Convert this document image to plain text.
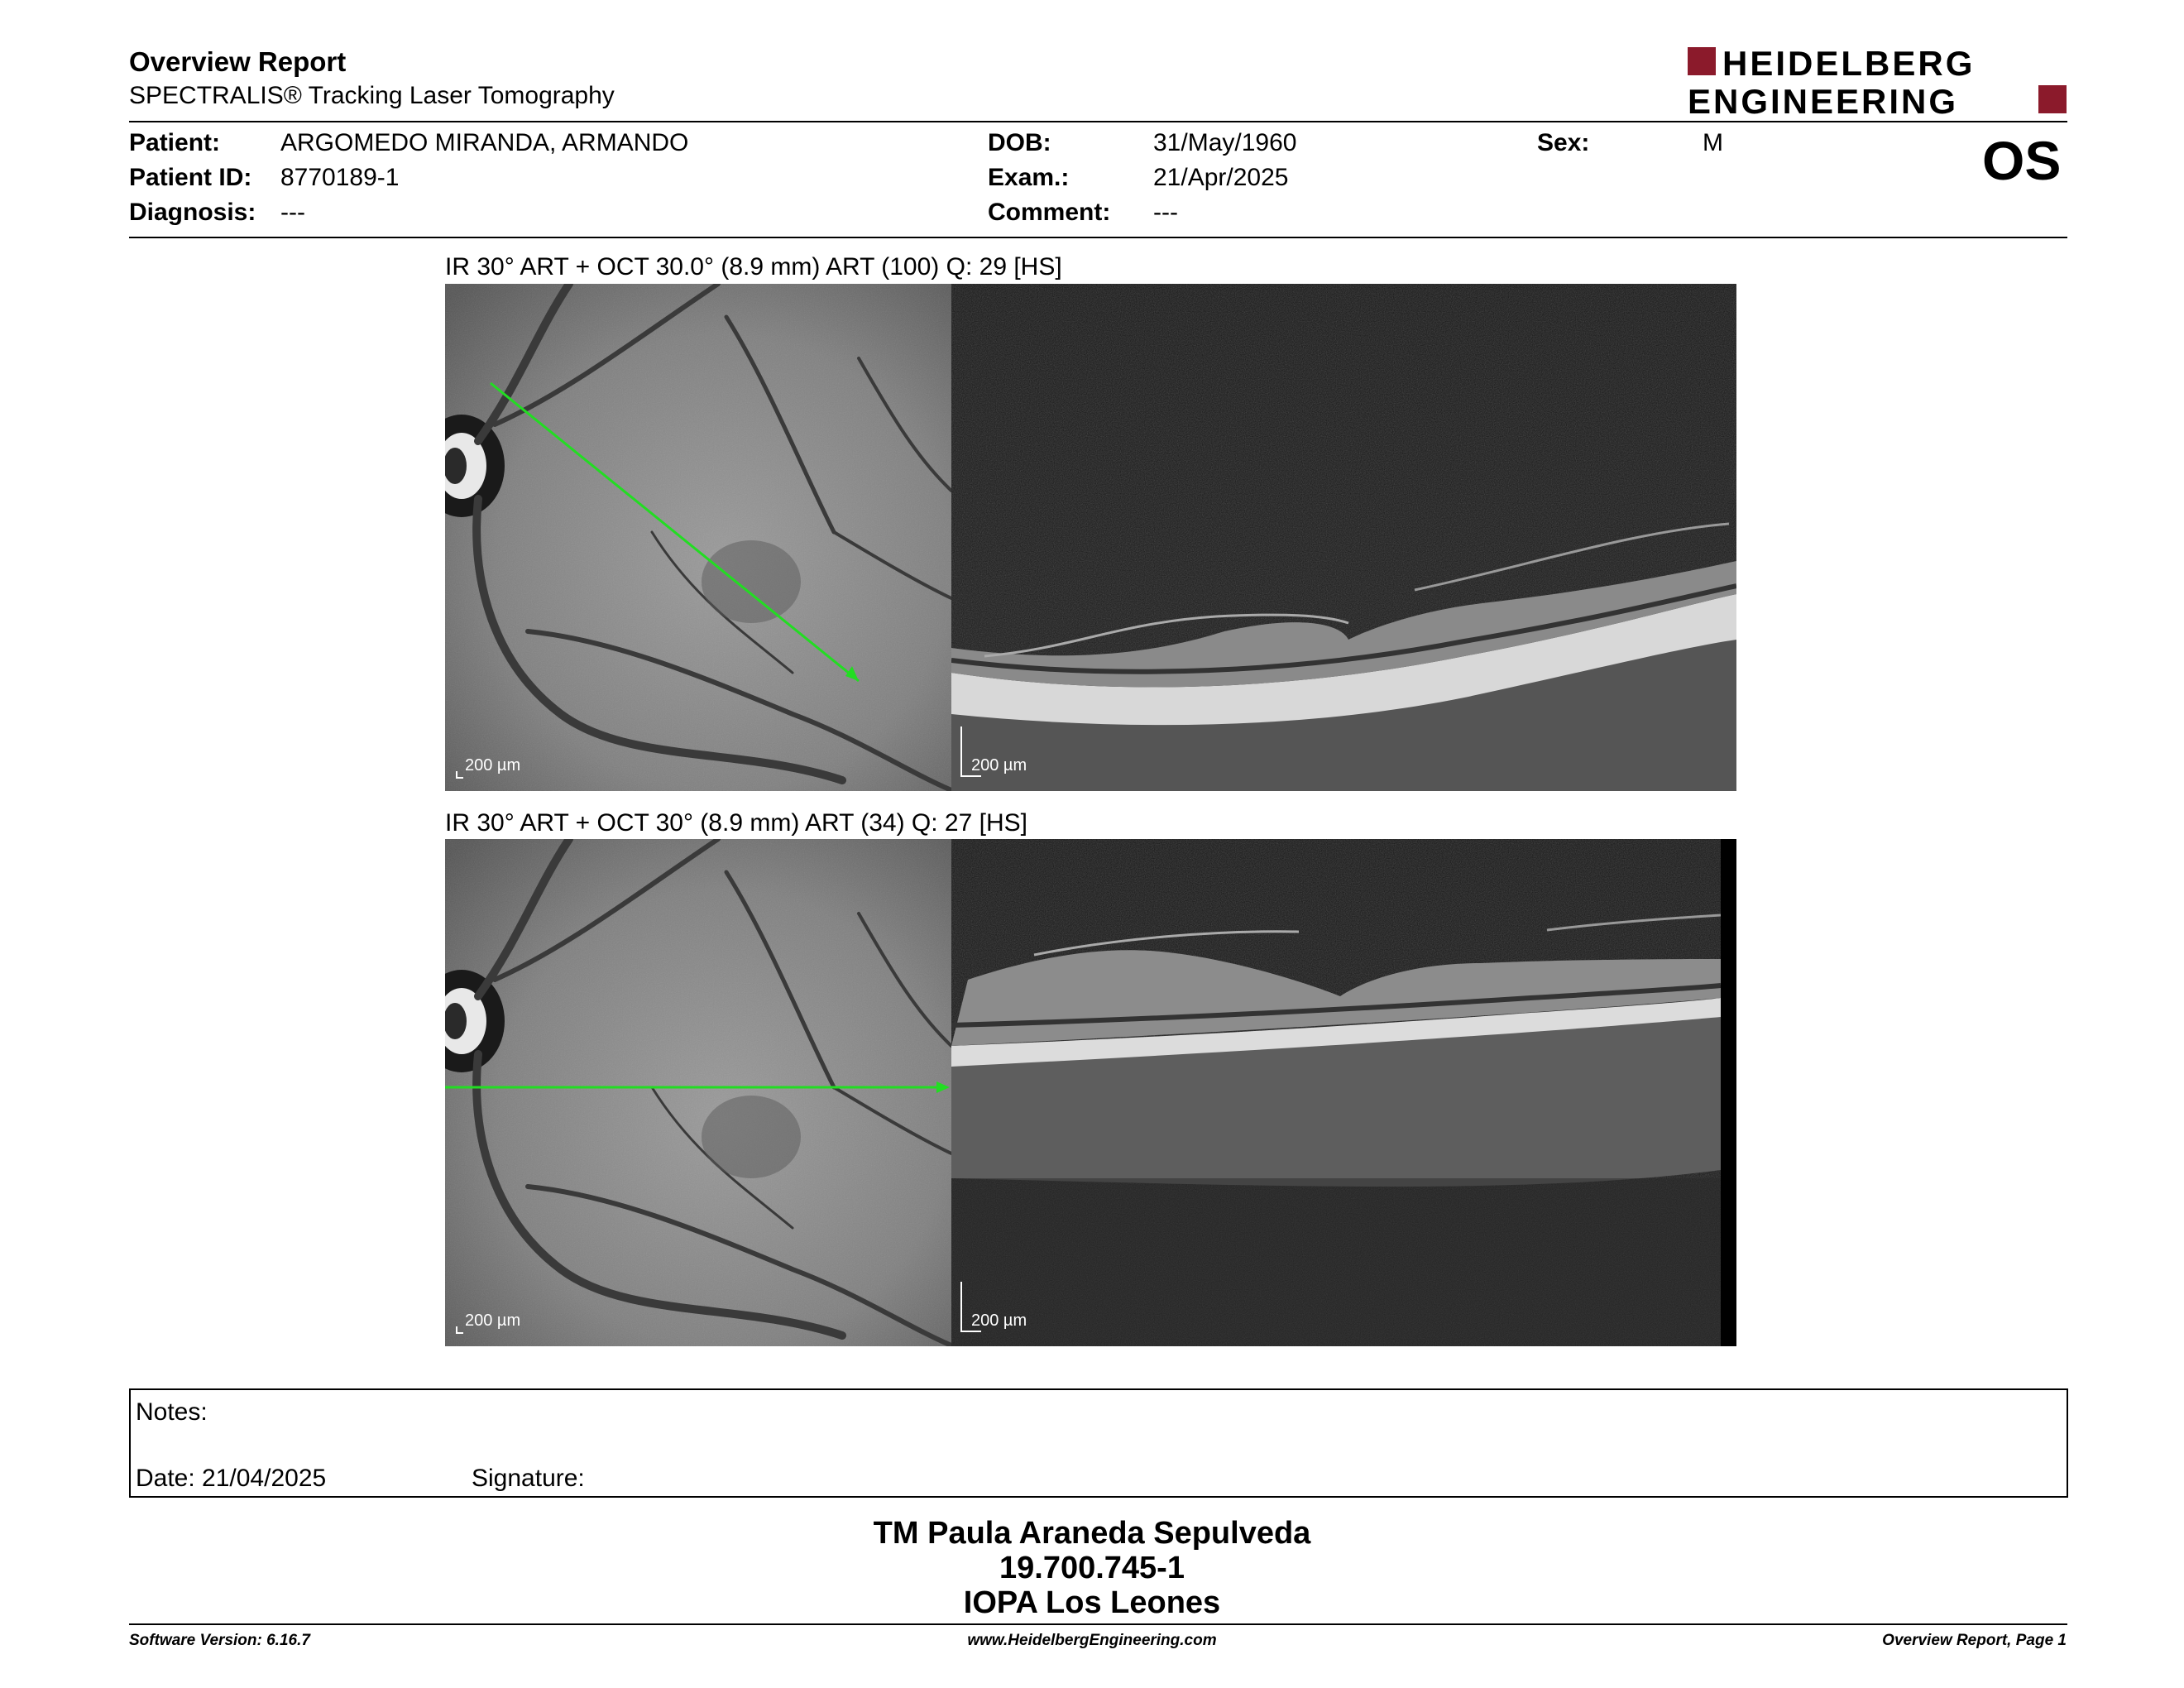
Overview Report
SPECTRALIS® Tracking Laser Tomography
HEIDELBERG
ENGINEERING
Patient: ARGOMEDO MIRANDA, ARMANDO
Patient ID: 8770189-1
Diagnosis: ---
DOB:	31/May/1960
Exam.:	21/Apr/2025
Comment: ---
Sex:	M	OS
IR 30° ART + OCT 30.0° (8.9 mm) ART (100) Q: 29 [HS]
200 µm	200 µm
IR 30° ART + OCT 30° (8.9 mm) ART (34) Q: 27 [HS]
200 µm	200 µm
Notes:
Date: 21/04/2025	Signature:
TM Paula Araneda Sepulveda
19.700.745-1
IOPA Los Leones
Software Version: 6.16.7	www.HeidelbergEngineering.com	Overview Report, Page 1
